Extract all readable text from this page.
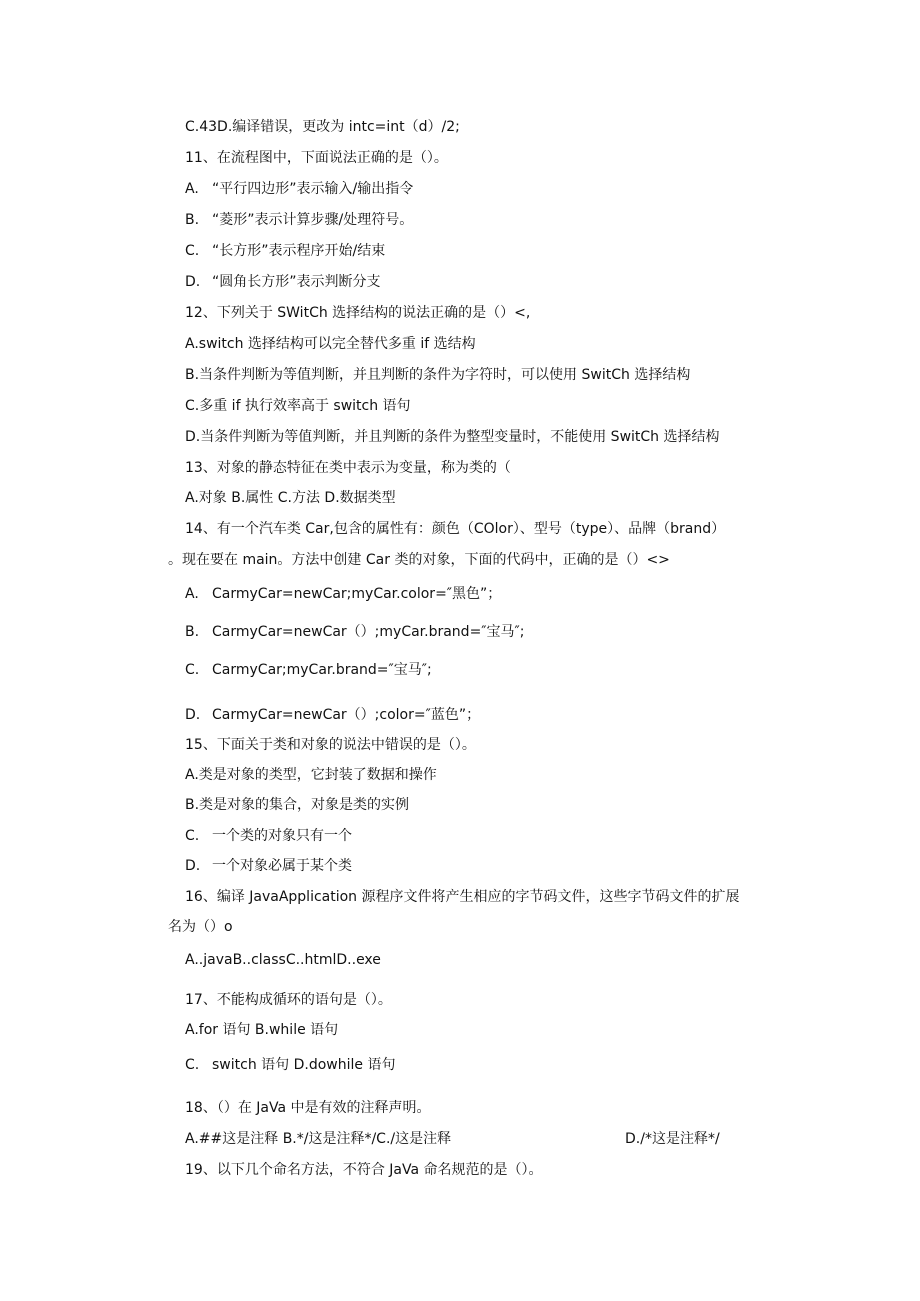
C.43D.编译错误，更改为 intc=int（d）/2;
11、在流程图中，下面说法正确的是（）。
A. “平行四边形”表示输入/输出指令
B. “菱形”表示计算步骤/处理符号。
C. “长方形”表示程序开始/结束
D. “圆角长方形”表示判断分支
12、下列关于 SWitCh 选择结构的说法正确的是（）<,
A.switch 选择结构可以完全替代多重 if 选结构
B.当条件判断为等值判断，并且判断的条件为字符时，可以使用 SwitCh 选择结构
C.多重 if 执行效率高于 switch 语句
D.当条件判断为等值判断，并且判断的条件为整型变量时，不能使用 SwitCh 选择结构
13、对象的静态特征在类中表示为变量，称为类的（
A.对象 B.属性 C.方法 D.数据类型
14、有一个汽车类 Car,包含的属性有：颜色（COlor）、型号（type）、品牌（brand）
。现在要在 main。方法中创建 Car 类的对象，下面的代码中，正确的是（）<>
A. CarmyCar=newCar;myCar.color=″黑色”；
B. CarmyCar=newCar（）;myCar.brand=″宝马″;
C. CarmyCar;myCar.brand=″宝马″;
D. CarmyCar=newCar（）;color=″蓝色”；
15、下面关于类和对象的说法中错误的是（）。
A.类是对象的类型，它封装了数据和操作
B.类是对象的集合，对象是类的实例
C. 一个类的对象只有一个
D. 一个对象必属于某个类
16、编译 JavaApplication 源程序文件将产生相应的字节码文件，这些字节码文件的扩展
名为（）o
A..javaB..classC..htmlD..exe
17、不能构成循环的语句是（）。
A.for 语句 B.while 语句
C. switch 语句 D.dowhile 语句
18、（）在 JaVa 中是有效的注释声明。
A.##这是注释 B.*/这是注释*/C./这是注释	D./*这是注释*/
19、以下几个命名方法，不符合 JaVa 命名规范的是（）。
